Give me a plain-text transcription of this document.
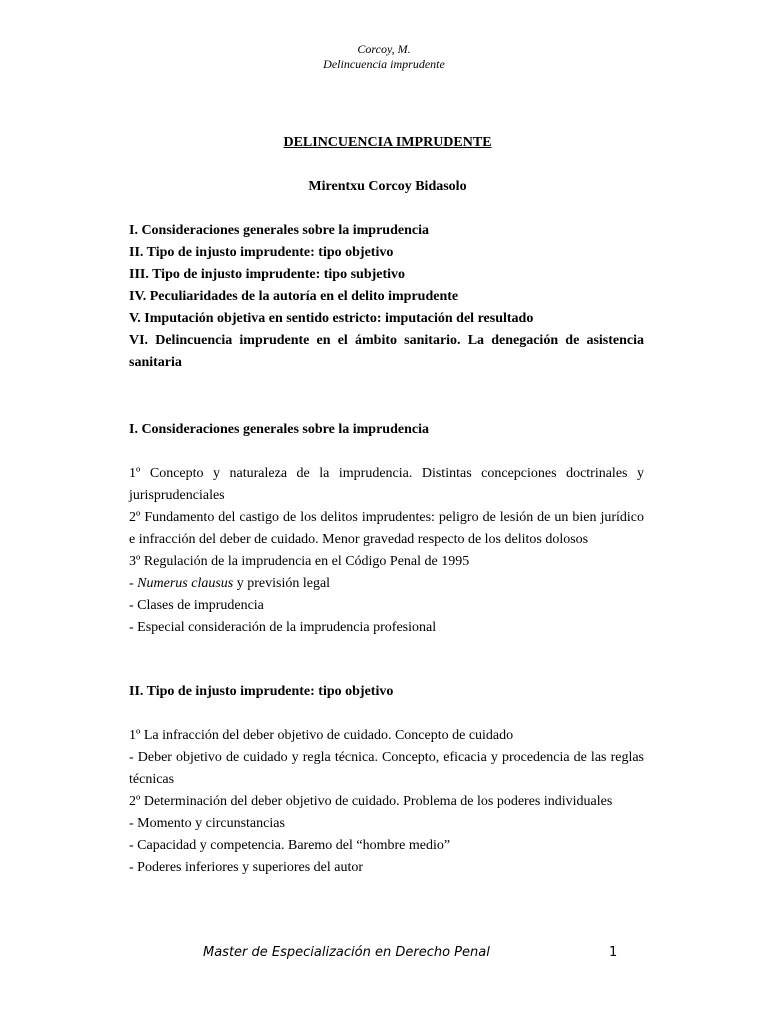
Corcoy, M.
Delincuencia imprudente
DELINCUENCIA IMPRUDENTE
Mirentxu Corcoy Bidasolo
I. Consideraciones generales sobre la imprudencia
II. Tipo de injusto imprudente: tipo objetivo
III. Tipo de injusto imprudente: tipo subjetivo
IV. Peculiaridades de la autoría en el delito imprudente
V. Imputación objetiva en sentido estricto: imputación del resultado
VI. Delincuencia imprudente en el ámbito sanitario. La denegación de asistencia sanitaria
I. Consideraciones generales sobre la imprudencia
1º Concepto y naturaleza de la imprudencia. Distintas concepciones doctrinales y jurisprudenciales
2º Fundamento del castigo de los delitos imprudentes: peligro de lesión de un bien jurídico e infracción del deber de cuidado. Menor gravedad respecto de los delitos dolosos
3º Regulación de la imprudencia en el Código Penal de 1995
- Numerus clausus y previsión legal
- Clases de imprudencia
- Especial consideración de la imprudencia profesional
II. Tipo de injusto imprudente: tipo objetivo
1º La infracción del deber objetivo de cuidado. Concepto de cuidado
- Deber objetivo de cuidado y regla técnica. Concepto, eficacia y procedencia de las reglas técnicas
2º Determinación del deber objetivo de cuidado. Problema de los poderes individuales
- Momento y circunstancias
- Capacidad y competencia. Baremo del “hombre medio”
- Poderes inferiores y superiores del autor
Master de Especialización en Derecho Penal	1
